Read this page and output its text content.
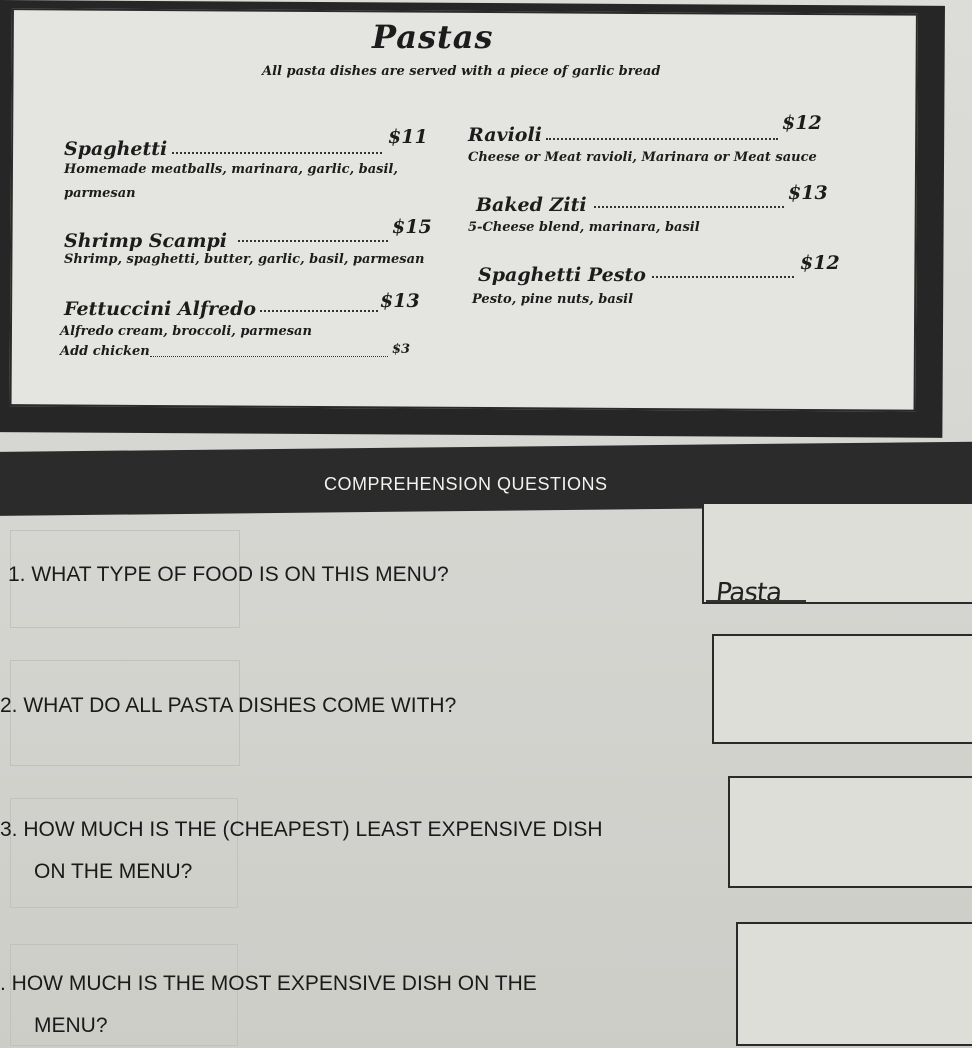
Pastas
All pasta dishes are served with a piece of garlic bread
Spaghetti
$11
Homemade meatballs, marinara, garlic, basil,
parmesan
Shrimp Scampi
$15
Shrimp, spaghetti, butter, garlic, basil, parmesan
Fettuccini Alfredo	$13
Alfredo cream, broccoli, parmesan
Add chicken	$3
Ravioli
$12
Cheese or Meat ravioli, Marinara or Meat sauce
Baked Ziti
$13
5-Cheese blend, marinara, basil
Spaghetti Pesto
$12
Pesto, pine nuts, basil
COMPREHENSION QUESTIONS
1. WHAT TYPE OF FOOD IS ON THIS MENU?
Pasta
2. WHAT DO ALL PASTA DISHES COME WITH?
3. HOW MUCH IS THE (CHEAPEST) LEAST EXPENSIVE DISH
ON THE MENU?
. HOW MUCH IS THE MOST EXPENSIVE DISH ON THE
MENU?
